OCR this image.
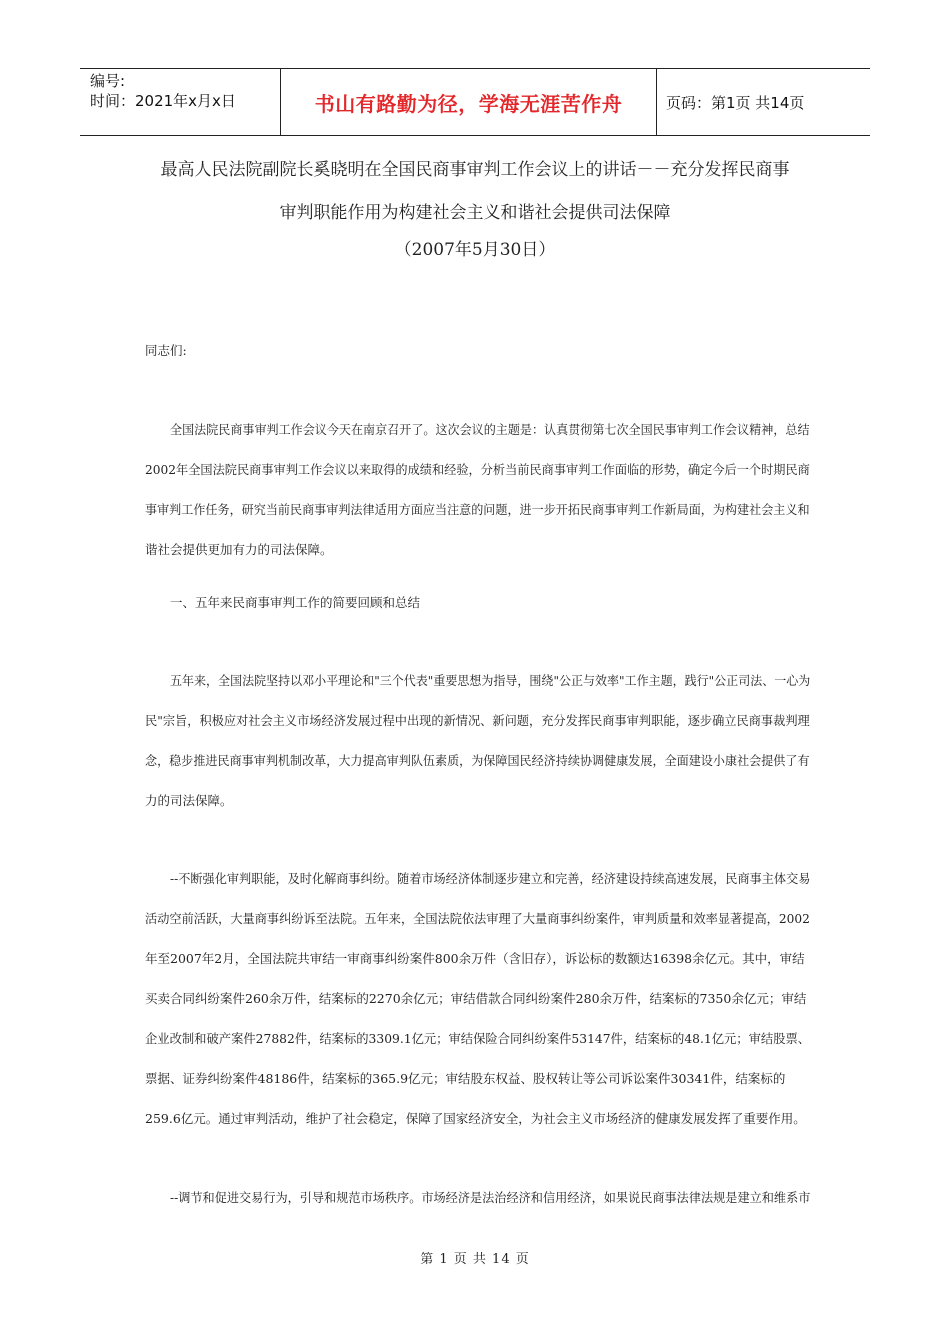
编号:
时间：2021年x月x日	书山有路勤为径，学海无涯苦作舟	页码：第1页 共14页
最高人民法院副院长奚晓明在全国民商事审判工作会议上的讲话－－充分发挥民商事
审判职能作用为构建社会主义和谐社会提供司法保障
（2007年5月30日）
同志们:
全国法院民商事审判工作会议今天在南京召开了。这次会议的主题是：认真贯彻第七次全国民事审判工作会议精神，总结
2002年全国法院民商事审判工作会议以来取得的成绩和经验，分析当前民商事审判工作面临的形势，确定今后一个时期民商
事审判工作任务，研究当前民商事审判法律适用方面应当注意的问题，进一步开拓民商事审判工作新局面，为构建社会主义和
谐社会提供更加有力的司法保障。
一、五年来民商事审判工作的简要回顾和总结
五年来，全国法院坚持以邓小平理论和"三个代表"重要思想为指导，围绕"公正与效率"工作主题，践行"公正司法、一心为
民"宗旨，积极应对社会主义市场经济发展过程中出现的新情况、新问题，充分发挥民商事审判职能，逐步确立民商事裁判理
念，稳步推进民商事审判机制改革，大力提高审判队伍素质，为保障国民经济持续协调健康发展，全面建设小康社会提供了有
力的司法保障。
--不断强化审判职能，及时化解商事纠纷。随着市场经济体制逐步建立和完善，经济建设持续高速发展，民商事主体交易
活动空前活跃，大量商事纠纷诉至法院。五年来，全国法院依法审理了大量商事纠纷案件，审判质量和效率显著提高，2002
年至2007年2月，全国法院共审结一审商事纠纷案件800余万件（含旧存），诉讼标的数额达16398余亿元。其中，审结
买卖合同纠纷案件260余万件，结案标的2270余亿元；审结借款合同纠纷案件280余万件，结案标的7350余亿元；审结
企业改制和破产案件27882件，结案标的3309.1亿元；审结保险合同纠纷案件53147件，结案标的48.1亿元；审结股票、
票据、证券纠纷案件48186件，结案标的365.9亿元；审结股东权益、股权转让等公司诉讼案件30341件，结案标的
259.6亿元。通过审判活动，维护了社会稳定，保障了国家经济安全，为社会主义市场经济的健康发展发挥了重要作用。
--调节和促进交易行为，引导和规范市场秩序。市场经济是法治经济和信用经济，如果说民商事法律法规是建立和维系市
第 1 页 共 14 页
